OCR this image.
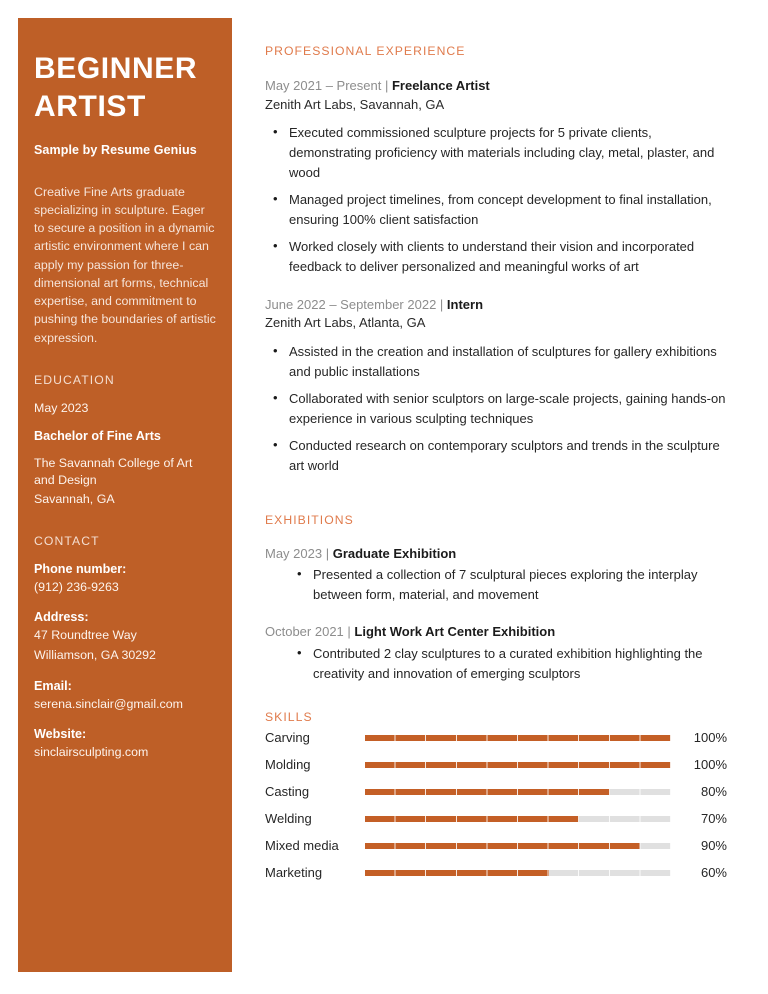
BEGINNER
ARTIST
Sample by Resume Genius
Creative Fine Arts graduate specializing in sculpture. Eager to secure a position in a dynamic artistic environment where I can apply my passion for three-dimensional art forms, technical expertise, and commitment to pushing the boundaries of artistic expression.
EDUCATION
May 2023
Bachelor of Fine Arts
The Savannah College of Art and Design
Savannah, GA
CONTACT
Phone number:
(912) 236-9263
Address:
47 Roundtree Way
Williamson, GA 30292
Email:
serena.sinclair@gmail.com
Website:
sinclairsculpting.com
PROFESSIONAL EXPERIENCE
May 2021 – Present | Freelance Artist
Zenith Art Labs, Savannah, GA
• Executed commissioned sculpture projects for 5 private clients, demonstrating proficiency with materials including clay, metal, plaster, and wood
• Managed project timelines, from concept development to final installation, ensuring 100% client satisfaction
• Worked closely with clients to understand their vision and incorporated feedback to deliver personalized and meaningful works of art
June 2022 – September 2022 | Intern
Zenith Art Labs, Atlanta, GA
• Assisted in the creation and installation of sculptures for gallery exhibitions and public installations
• Collaborated with senior sculptors on large-scale projects, gaining hands-on experience in various sculpting techniques
• Conducted research on contemporary sculptors and trends in the sculpture art world
EXHIBITIONS
May 2023 | Graduate Exhibition
• Presented a collection of 7 sculptural pieces exploring the interplay between form, material, and movement
October 2021 | Light Work Art Center Exhibition
• Contributed 2 clay sculptures to a curated exhibition highlighting the creativity and innovation of emerging sculptors
SKILLS
Carving	100%
Molding	100%
Casting	80%
Welding	70%
Mixed media	90%
Marketing	60%
